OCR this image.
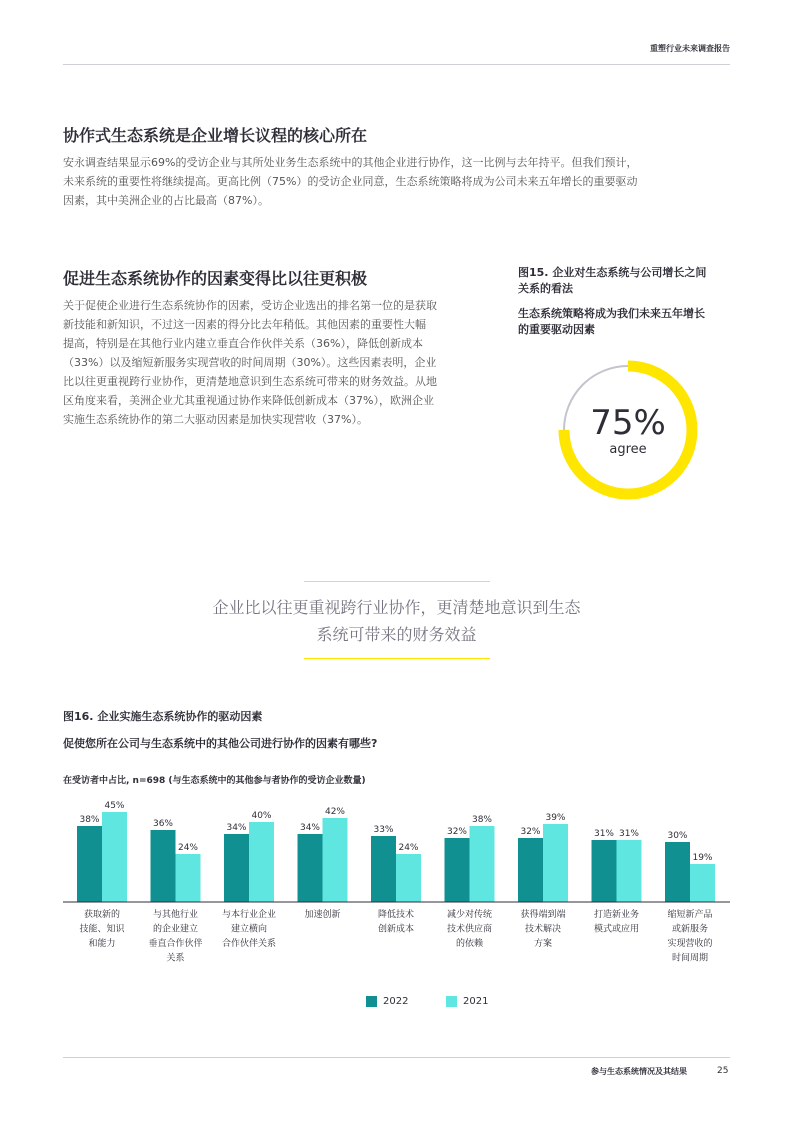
重塑行业未来调查报告
协作式生态系统是企业增长议程的核心所在

安永调查结果显示69%的受访企业与其所处业务生态系统中的其他企业进行协作，这一比例与去年持平。但我们预计，

未来系统的重要性将继续提高。更高比例（75%）的受访企业同意，生态系统策略将成为公司未来五年增长的重要驱动

因素，其中美洲企业的占比最高（87%）。

促进生态系统协作的因素变得比以往更积极

关于促使企业进行生态系统协作的因素，受访企业选出的排名第一位的是获取

新技能和新知识，不过这一因素的得分比去年稍低。其他因素的重要性大幅

提高，特别是在其他行业内建立垂直合作伙伴关系（36%），降低创新成本

（33%）以及缩短新服务实现营收的时间周期（30%）。这些因素表明，企业

比以往更重视跨行业协作，更清楚地意识到生态系统可带来的财务效益。从地

区角度来看，美洲企业尤其重视通过协作来降低创新成本（37%），欧洲企业

实施生态系统协作的第二大驱动因素是加快实现营收（37%）。

图15. 企业对生态系统与公司增长之间
关系的看法
生态系统策略将成为我们未来五年增长
的重要驱动因素
75%
agree
企业比以往更重视跨行业协作，更清楚地意识到生态
系统可带来的财务效益
图16. 企业实施生态系统协作的驱动因素
促使您所在公司与生态系统中的其他公司进行协作的因素有哪些?
在受访者中占比, n=698 (与生态系统中的其他参与者协作的受访企业数量)
38%
45%
获取新的
技能、知识
和能力
36%
24%
与其他行业
的企业建立
垂直合作伙伴
关系
34%
40%
与本行业企业
建立横向
合作伙伴关系
34%
42%
加速创新
33%
24%
降低技术
创新成本
32%
38%
减少对传统
技术供应商
的依赖
32%
39%
获得端到端
技术解决
方案
31% 31%
打造新业务
模式或应用
30%
19%
缩短新产品
或新服务
实现营收的
时间周期
2022	2021
参与生态系统情况及其结果	25
